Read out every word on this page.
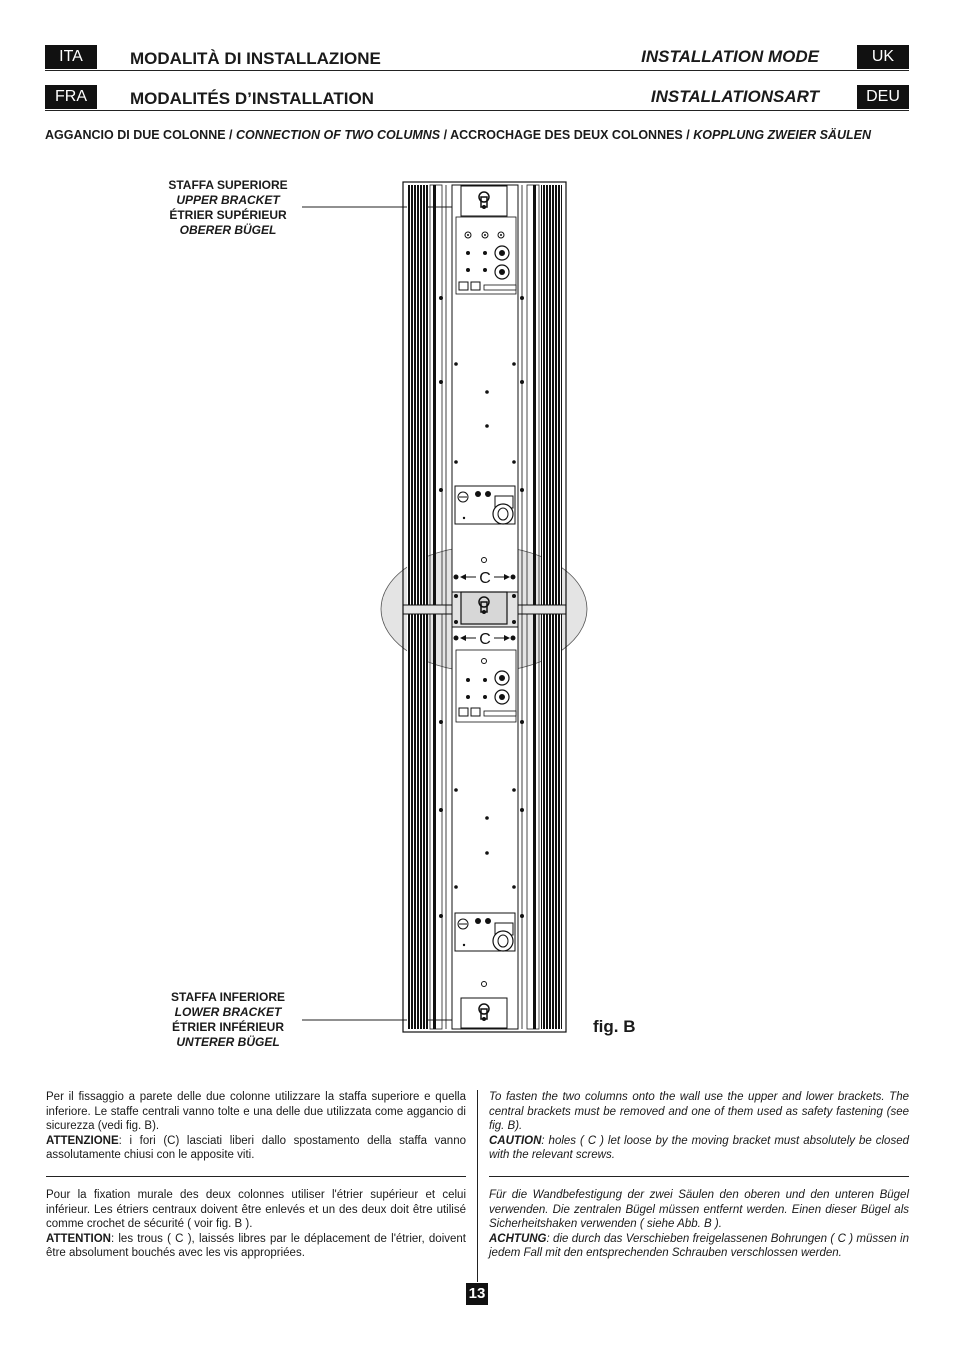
ITA	MODALITÀ DI INSTALLAZIONE	INSTALLATION MODE	UK
FRA	MODALITÉS D’INSTALLATION	INSTALLATIONSART	DEU
AGGANCIO DI DUE COLONNE / CONNECTION OF TWO COLUMNS / ACCROCHAGE DES DEUX COLONNES / KOPPLUNG ZWEIER SÄULEN
STAFFA SUPERIORE
UPPER BRACKET
ÉTRIER SUPÉRIEUR
OBERER BÜGEL
STAFFA INFERIORE
LOWER BRACKET
ÉTRIER INFÉRIEUR
UNTERER BÜGEL
C
C
fig. B
Per il fissaggio a parete delle due colonne utilizzare la staffa superiore e quella inferiore. Le staffe centrali vanno tolte e una delle due utilizzata come aggancio di sicurezza (vedi fig. B).
ATTENZIONE: i fori (C) lasciati liberi dallo spostamento della staffa vanno assolutamente chiusi con le apposite viti.
To fasten the two columns onto the wall use the upper and lower brackets. The central brackets must be removed and one of them used as safety fastening (see fig. B).
CAUTION: holes ( C ) let loose by the moving bracket must absolutely be closed with the relevant screws.
Pour la fixation murale des deux colonnes utiliser l'étrier supérieur et celui inférieur. Les étriers centraux doivent être enlevés et un des deux doit être utilisé comme crochet de sécurité ( voir fig. B ).
ATTENTION: les trous ( C ), laissés libres par le déplacement de l'étrier, doivent être absolument bouchés avec les vis appropriées.
Für die Wandbefestigung der zwei Säulen den oberen und den unteren Bügel verwenden. Die zentralen Bügel müssen entfernt werden. Einen dieser Bügel als Sicherheitshaken verwenden ( siehe Abb. B ).
ACHTUNG: die durch das Verschieben freigelassenen Bohrungen ( C ) müssen in jedem Fall mit den entsprechenden Schrauben verschlossen werden.
13
